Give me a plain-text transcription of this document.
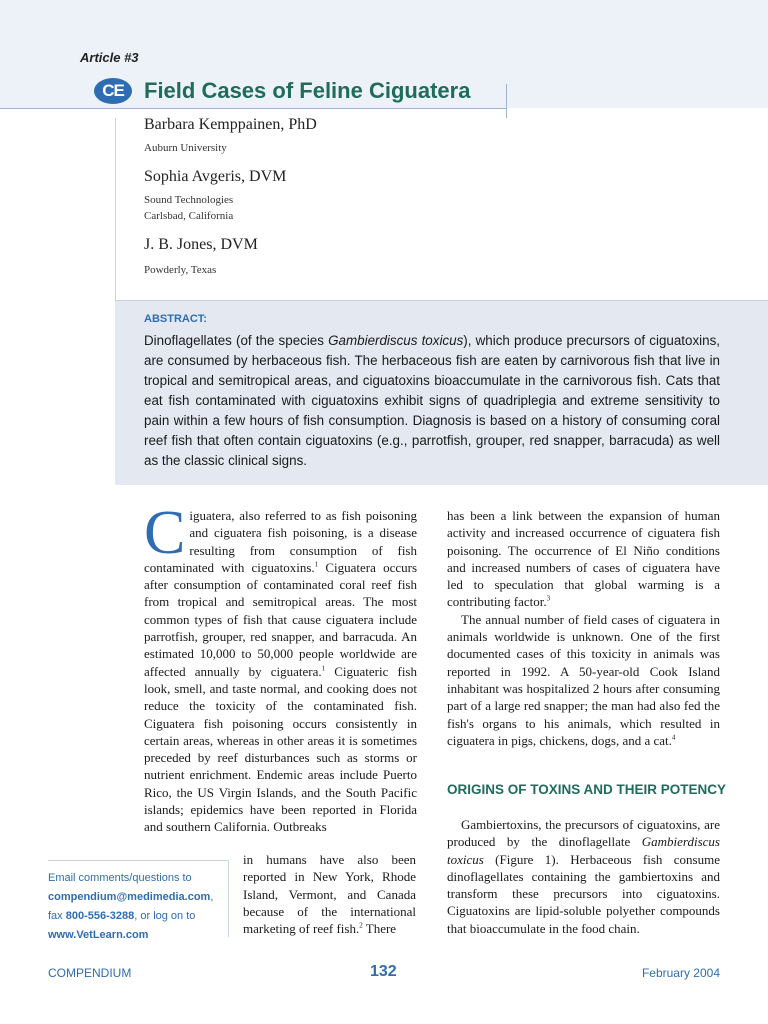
Article #3
CE Field Cases of Feline Ciguatera
Barbara Kemppainen, PhD
Auburn University
Sophia Avgeris, DVM
Sound Technologies
Carlsbad, California
J. B. Jones, DVM
Powderly, Texas
ABSTRACT:
Dinoflagellates (of the species Gambierdiscus toxicus), which produce precursors of ciguatoxins, are consumed by herbaceous fish. The herbaceous fish are eaten by carnivorous fish that live in tropical and semitropical areas, and ciguatoxins bioaccumulate in the carnivorous fish. Cats that eat fish contaminated with ciguatoxins exhibit signs of quadriplegia and extreme sensitivity to pain within a few hours of fish consumption. Diagnosis is based on a history of consuming coral reef fish that often contain ciguatoxins (e.g., parrotfish, grouper, red snapper, barracuda) as well as the classic clinical signs.

Ciguatera, also referred to as fish poisoning and ciguatera fish poisoning, is a disease resulting from consumption of fish contaminated with ciguatoxins.$^1$ Ciguatera occurs after consumption of contaminated coral reef fish from tropical and semitropical areas. The most common types of fish that cause ciguatera include parrotfish, grouper, red snapper, and barracuda. An estimated 10,000 to 50,000 people worldwide are affected annually by ciguatera.$^1$ Ciguateric fish look, smell, and taste normal, and cooking does not reduce the toxicity of the contaminated fish. Ciguatera fish poisoning occurs consistently in certain areas, whereas in other areas it is sometimes preceded by reef disturbances such as storms or nutrient enrichment. Endemic areas include Puerto Rico, the US Virgin Islands, and the South Pacific islands; epidemics have been reported in Florida and southern California. Outbreaks

in humans have also been reported in New York, Rhode Island, Vermont, and Canada because of the international marketing of reef fish.$^2$ There

has been a link between the expansion of human activity and increased occurrence of ciguatera fish poisoning. The occurrence of El Niño conditions and increased numbers of cases of ciguatera have led to speculation that global warming is a contributing factor.$^3$

The annual number of field cases of ciguatera in animals worldwide is unknown. One of the first documented cases of this toxicity in animals was reported in 1992. A 50-year-old Cook Island inhabitant was hospitalized 2 hours after consuming part of a large red snapper; the man had also fed the fish's organs to his animals, which resulted in ciguatera in pigs, chickens, dogs, and a cat.$^4$

ORIGINS OF TOXINS AND THEIR POTENCY

Gambiertoxins, the precursors of ciguatoxins, are produced by the dinoflagellate Gambierdiscus toxicus (Figure 1). Herbaceous fish consume dinoflagellates containing the gambiertoxins and transform these precursors into ciguatoxins. Ciguatoxins are lipid-soluble polyether compounds that bioaccumulate in the food chain.

Email comments/questions to
compendium@medimedia.com,
fax 800-556-3288, or log on to
www.VetLearn.com
COMPENDIUM	132	February 2004
